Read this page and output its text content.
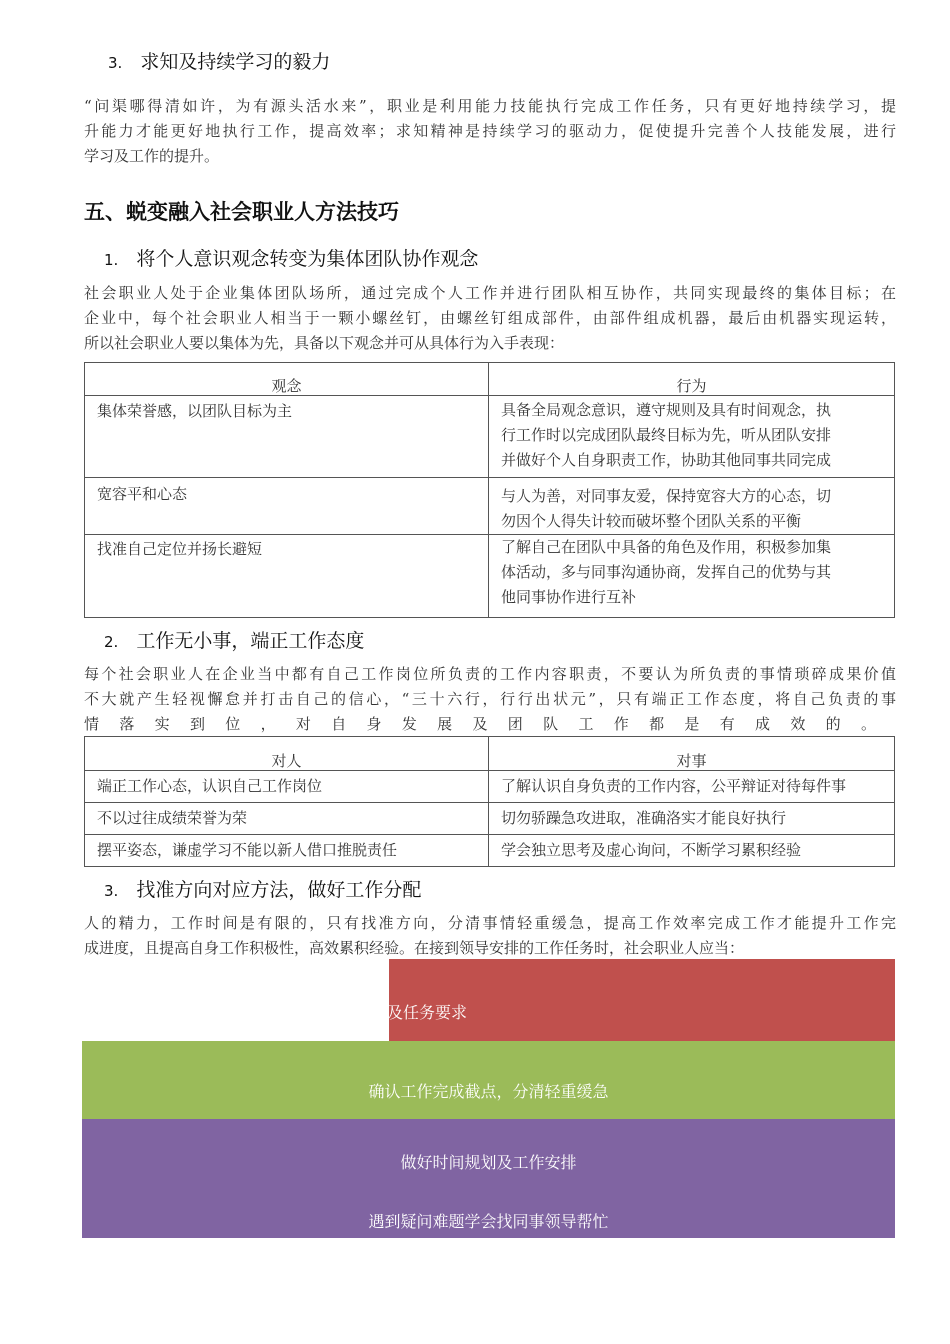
3. 求知及持续学习的毅力
“问渠哪得清如许，为有源头活水来”，职业是利用能力技能执行完成工作任务，只有更好地持续学习，提
升能力才能更好地执行工作，提高效率；求知精神是持续学习的驱动力，促使提升完善个人技能发展，进行
学习及工作的提升。
五、蜕变融入社会职业人方法技巧
1. 将个人意识观念转变为集体团队协作观念
社会职业人处于企业集体团队场所，通过完成个人工作并进行团队相互协作，共同实现最终的集体目标；在
企业中，每个社会职业人相当于一颗小螺丝钉，由螺丝钉组成部件，由部件组成机器，最后由机器实现运转，
所以社会职业人要以集体为先，具备以下观念并可从具体行为入手表现：
观念	行为
集体荣誉感，以团队目标为主	具备全局观念意识，遵守规则及具有时间观念，执
行工作时以完成团队最终目标为先，听从团队安排
并做好个人自身职责工作，协助其他同事共同完成

宽容平和心态	与人为善，对同事友爱，保持宽容大方的心态，切
勿因个人得失计较而破坏整个团队关系的平衡

找准自己定位并扬长避短	了解自己在团队中具备的角色及作用，积极参加集
体活动，多与同事沟通协商，发挥自己的优势与其
他同事协作进行互补
2. 工作无小事，端正工作态度
每个社会职业人在企业当中都有自己工作岗位所负责的工作内容职责，不要认为所负责的事情琐碎成果价值
不大就产生轻视懈怠并打击自己的信心，“三十六行，行行出状元”，只有端正工作态度，将自己负责的事
情落实到位，对自身发展及团队工作都是有成效的。
对人	对事
端正工作心态，认识自己工作岗位	了解认识自身负责的工作内容，公平辩证对待每件事

不以过往成绩荣誉为荣	切勿骄躁急攻进取，准确洛实才能良好执行
摆平姿态，谦虚学习不能以新人借口推脱责任	学会独立思考及虚心询问，不断学习累积经验
3. 找准方向对应方法，做好工作分配
人的精力，工作时间是有限的，只有找准方向，分清事情轻重缓急，提高工作效率完成工作才能提升工作完
成进度，且提高自身工作积极性，高效累积经验。在接到领导安排的工作任务时，社会职业人应当：
明确工作目标及任务要求
确认工作完成截点，分清轻重缓急
做好时间规划及工作安排
遇到疑问难题学会找同事领导帮忙
